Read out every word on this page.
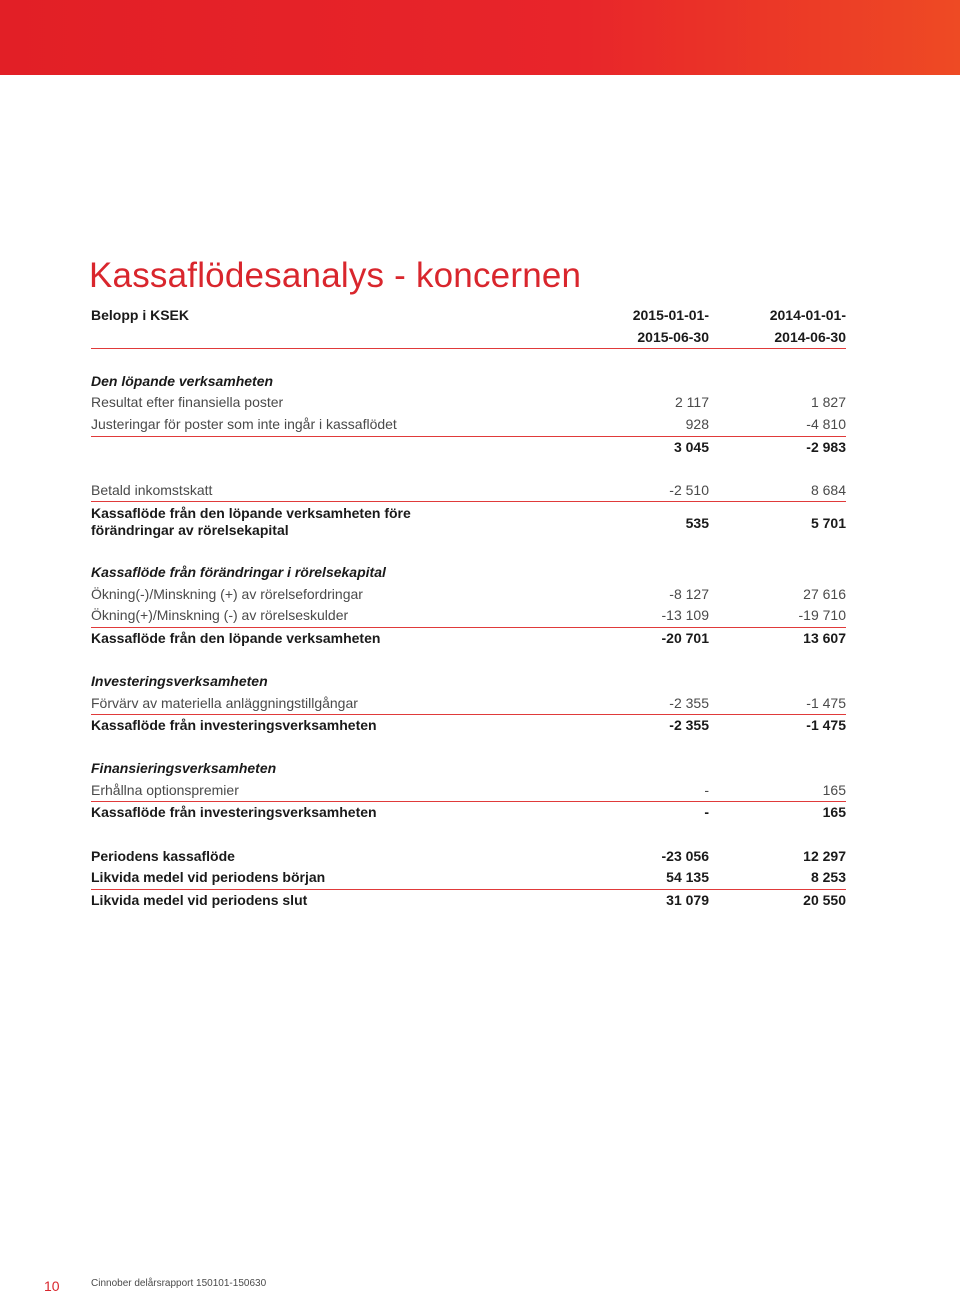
Kassaflödesanalys - koncernen
Belopp i KSEK	2015-01-01-	2014-01-01-
2015-06-30	2014-06-30
Den löpande verksamheten
Resultat efter finansiella poster	2 117	1 827
Justeringar för poster som inte ingår i kassaflödet	928	-4 810
3 045	-2 983
Betald inkomstskatt	-2 510	8 684
Kassaflöde från den löpande verksamheten före
förändringar av rörelsekapital	535	5 701
Kassaflöde från förändringar i rörelsekapital
Ökning(-)/Minskning (+) av rörelsefordringar	-8 127	27 616
Ökning(+)/Minskning (-) av rörelseskulder	-13 109	-19 710
Kassaflöde från den löpande verksamheten	-20 701	13 607
Investeringsverksamheten
Förvärv av materiella anläggningstillgångar	-2 355	-1 475
Kassaflöde från investeringsverksamheten	-2 355	-1 475
Finansieringsverksamheten
Erhållna optionspremier	-	165
Kassaflöde från investeringsverksamheten	-	165
Periodens kassaflöde	-23 056	12 297
Likvida medel vid periodens början	54 135	8 253
Likvida medel vid periodens slut	31 079	20 550
10	Cinnober delårsrapport 150101-150630
